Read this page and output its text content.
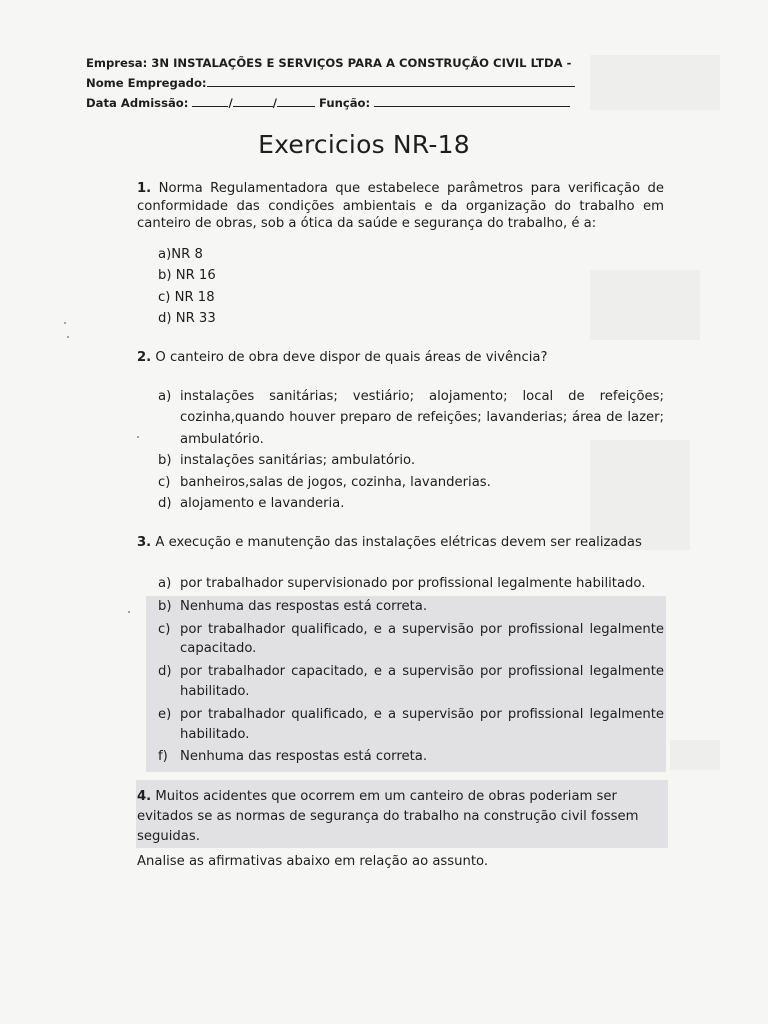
Empresa:
3N INSTALAÇÕES E SERVIÇOS PARA A CONSTRUÇÃO CIVIL LTDA -
Nome Empregado:
Data Admissão:
	/	/
	Função:

Exercicios NR-18
1. Norma Regulamentadora que estabelece parâmetros para verificação de conformidade das condições ambientais e da organização do trabalho em canteiro de obras, sob a ótica da saúde e segurança do trabalho, é a:
a)NR 8
b) NR 16
c) NR 18
d) NR 33
2. O canteiro de obra deve dispor de quais áreas de vivência?
a) instalações sanitárias; vestiário; alojamento; local de refeições; cozinha,quando houver preparo de refeições; lavanderias; área de lazer; ambulatório.
b) instalações sanitárias; ambulatório.
c) banheiros,salas de jogos, cozinha, lavanderias.
d) alojamento e lavanderia.
3. A execução e manutenção das instalações elétricas devem ser realizadas
a) por trabalhador supervisionado por profissional legalmente habilitado.
b) Nenhuma das respostas está correta.
c) por trabalhador qualificado, e a supervisão por profissional legalmente capacitado.
d) por trabalhador capacitado, e a supervisão por profissional legalmente habilitado.
e) por trabalhador qualificado, e a supervisão por profissional legalmente habilitado.
f) Nenhuma das respostas está correta.
4. Muitos acidentes que ocorrem em um canteiro de obras poderiam ser evitados se as normas de segurança do trabalho na construção civil fossem seguidas.
Analise as afirmativas abaixo em relação ao assunto.
